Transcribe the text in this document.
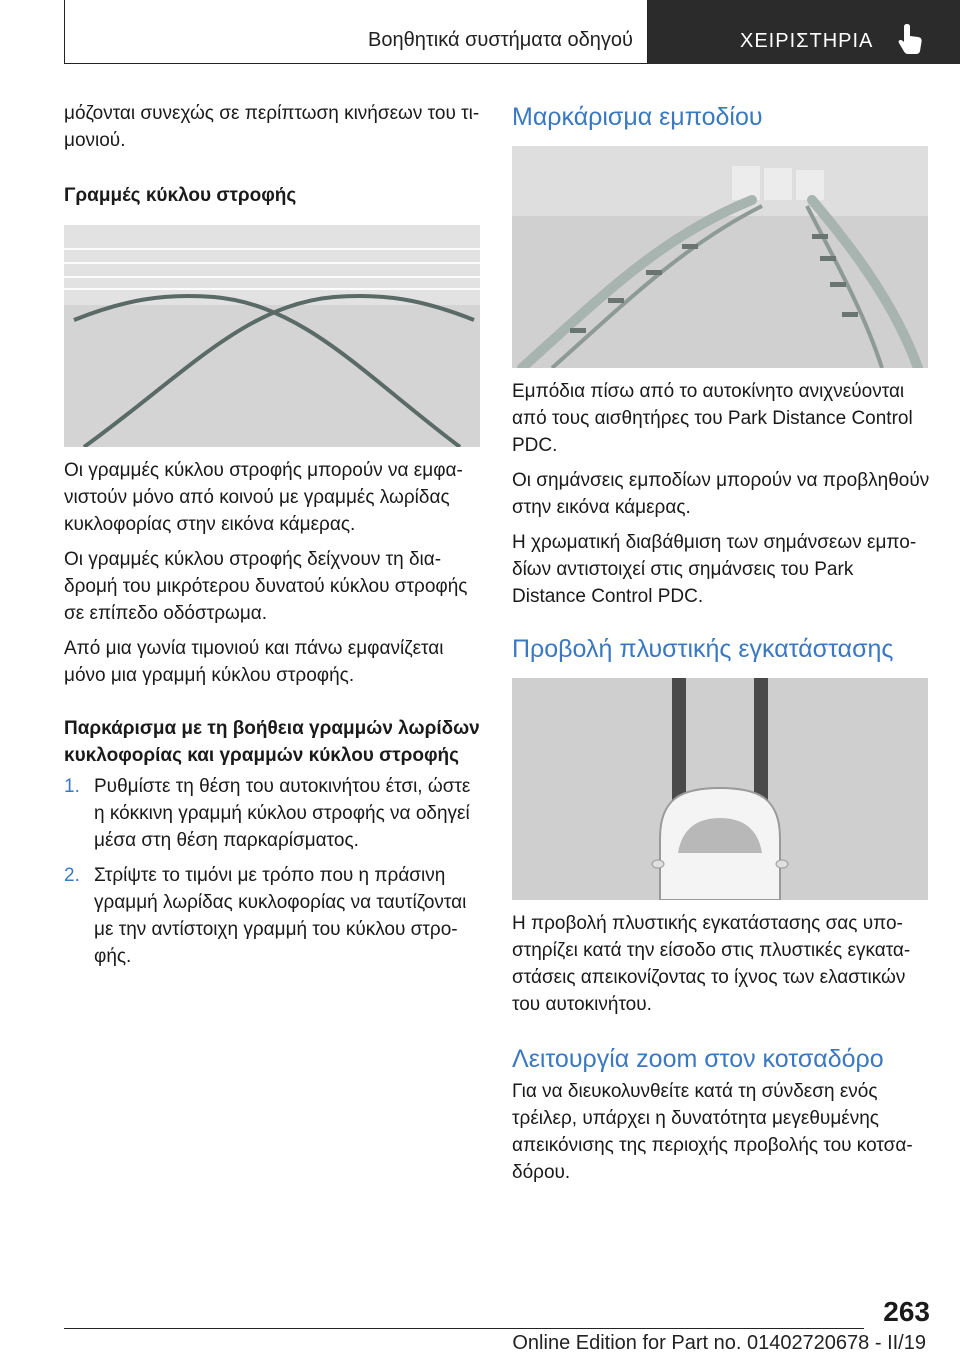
Βοηθητικά συστήματα οδηγού	ΧΕΙΡΙΣΤΗΡΙΑ

μόζονται συνεχώς σε περίπτωση κινήσεων του τι-μονιού.

Γραμμές κύκλου στροφής

Οι γραμμές κύκλου στροφής μπορούν να εμφα-νιστούν μόνο από κοινού με γραμμές λωρίδας κυκλοφορίας στην εικόνα κάμερας.

Οι γραμμές κύκλου στροφής δείχνουν τη δια-δρομή του μικρότερου δυνατού κύκλου στροφής σε επίπεδο οδόστρωμα.

Από μια γωνία τιμονιού και πάνω εμφανίζεται μόνο μια γραμμή κύκλου στροφής.

Παρκάρισμα με τη βοήθεια γραμμών λωρίδων κυκλοφορίας και γραμμών κύκλου στροφής

1. Ρυθμίστε τη θέση του αυτοκινήτου έτσι, ώστε η κόκκινη γραμμή κύκλου στροφής να οδηγεί μέσα στη θέση παρκαρίσματος.
2. Στρίψτε το τιμόνι με τρόπο που η πράσινη γραμμή λωρίδας κυκλοφορίας να ταυτίζονται με την αντίστοιχη γραμμή του κύκλου στρο-φής.
Μαρκάρισμα εμποδίου

Εμπόδια πίσω από το αυτοκίνητο ανιχνεύονται από τους αισθητήρες του Park Distance Control PDC.

Οι σημάνσεις εμποδίων μπορούν να προβληθούν στην εικόνα κάμερας.

Η χρωματική διαβάθμιση των σημάνσεων εμπο-δίων αντιστοιχεί στις σημάνσεις του Park Distance Control PDC.

Προβολή πλυστικής εγκατάστασης

Η προβολή πλυστικής εγκατάστασης σας υπο-στηρίζει κατά την είσοδο στις πλυστικές εγκατα-στάσεις απεικονίζοντας το ίχνος των ελαστικών του αυτοκινήτου.

Λειτουργία zoom στον κοτσαδόρο

Για να διευκολυνθείτε κατά τη σύνδεση ενός τρέιλερ, υπάρχει η δυνατότητα μεγεθυμένης απεικόνισης της περιοχής προβολής του κοτσα-δόρου.

263
Online Edition for Part no. 01402720678 - II/19
